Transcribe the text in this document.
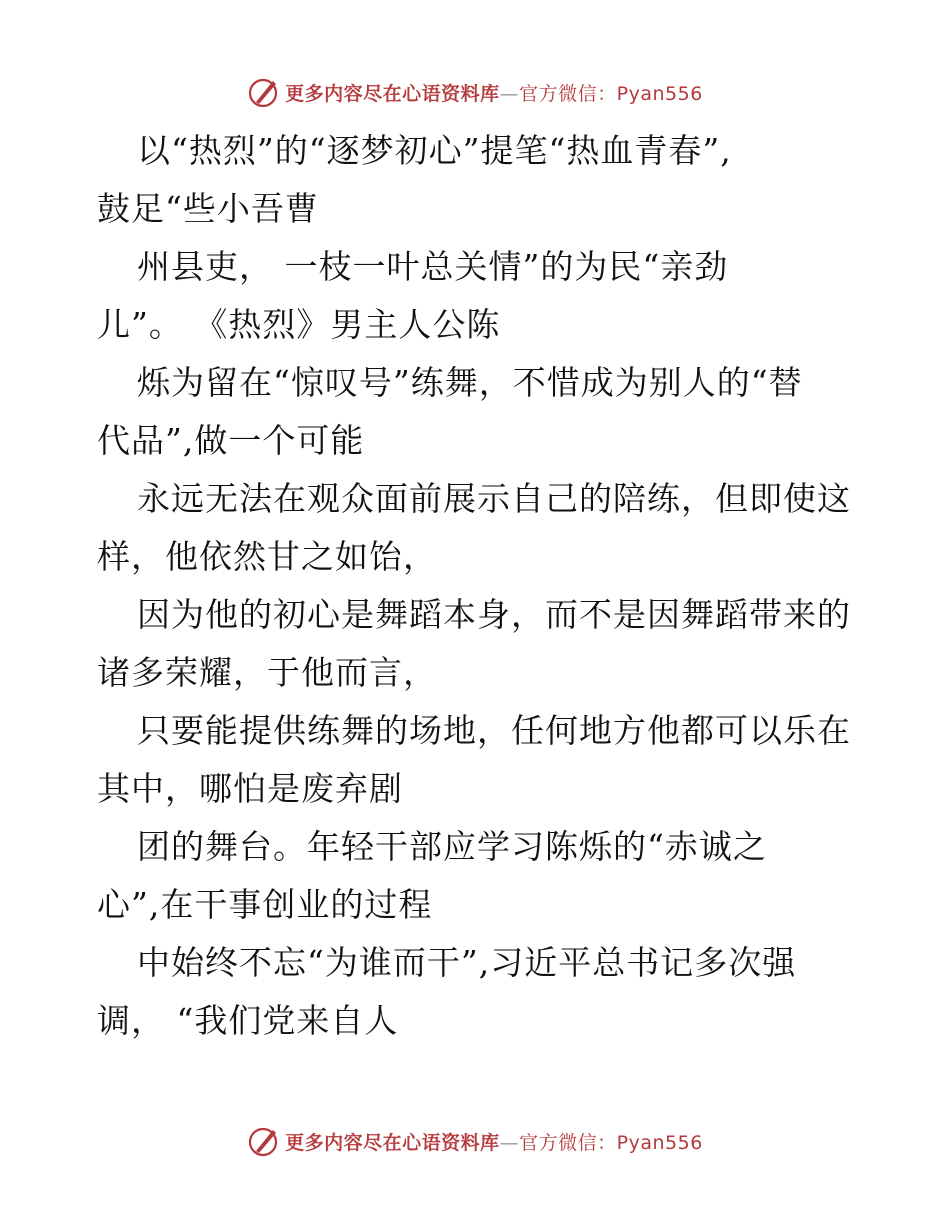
更多内容尽在心语资料库—官方微信：Pyan556
以“热烈”的“逐梦初心”提笔“热血青春”,
鼓足“些小吾曹
州县吏， 一枝一叶总关情”的为民“亲劲
儿”。 《热烈》男主人公陈
烁为留在“惊叹号”练舞，不惜成为别人的“替
代品”,做一个可能
永远无法在观众面前展示自己的陪练，但即使这
样，他依然甘之如饴，
因为他的初心是舞蹈本身，而不是因舞蹈带来的
诸多荣耀，于他而言，
只要能提供练舞的场地，任何地方他都可以乐在
其中，哪怕是废弃剧
团的舞台。年轻干部应学习陈烁的“赤诚之
心”,在干事创业的过程
中始终不忘“为谁而干”,习近平总书记多次强
调， “我们党来自人
更多内容尽在心语资料库—官方微信：Pyan556
